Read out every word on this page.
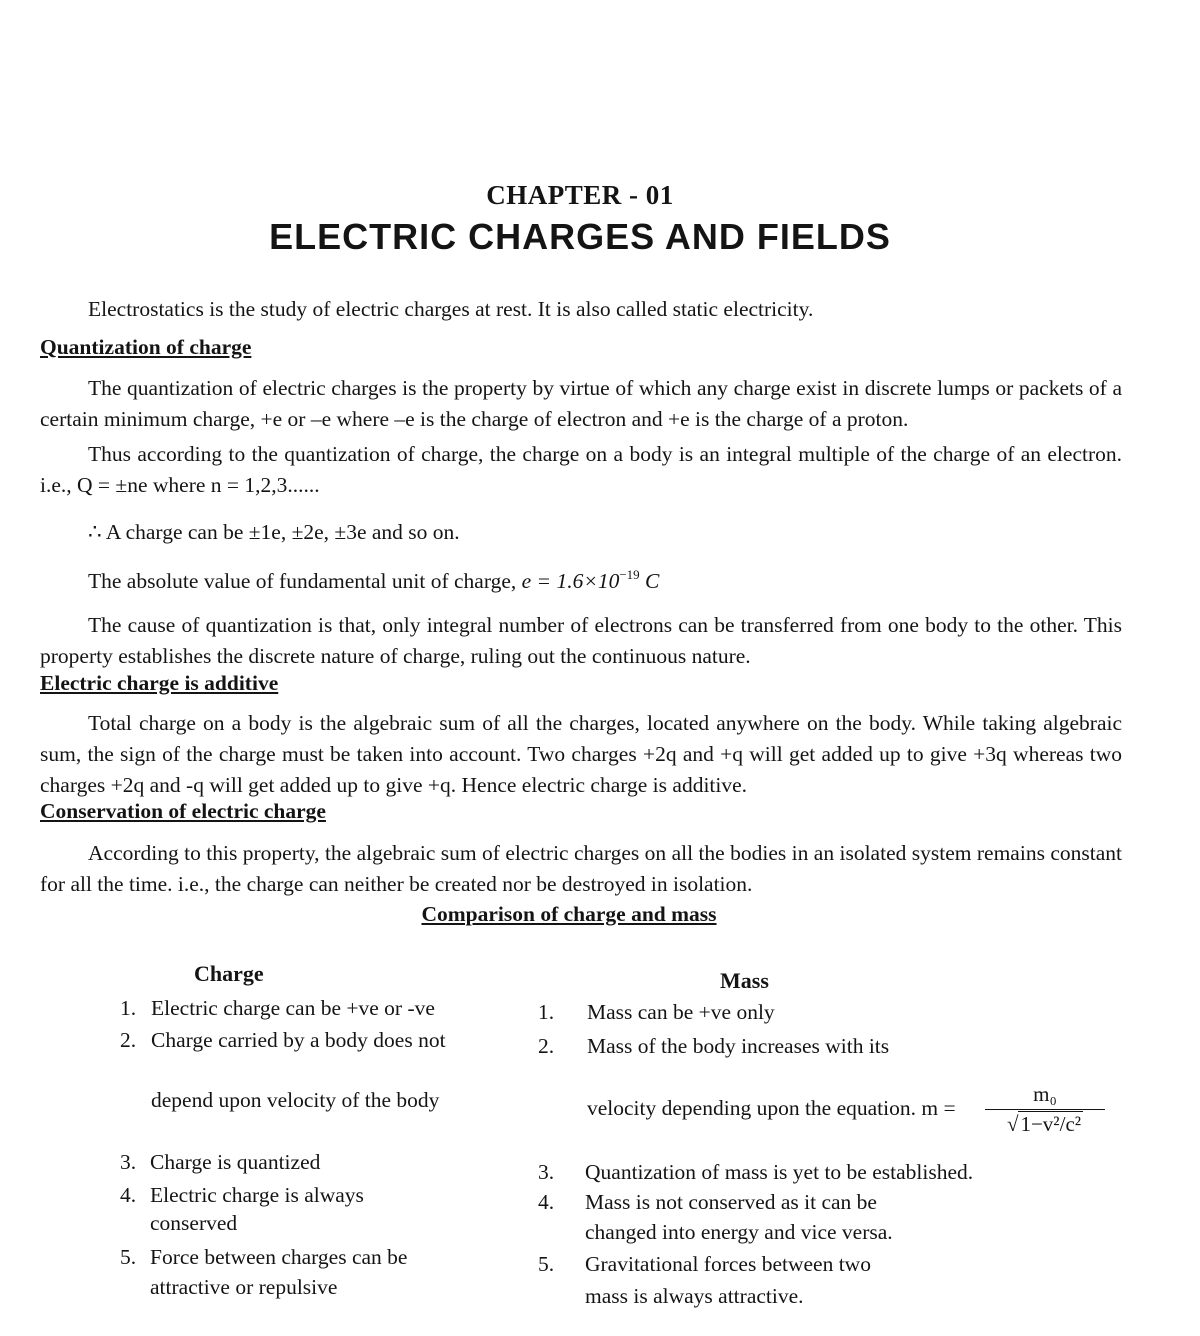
CHAPTER - 01
ELECTRIC CHARGES AND FIELDS

Electrostatics is the study of electric charges at rest. It is also called static electricity.

Quantization of charge

The quantization of electric charges is the property by virtue of which any charge exist in discrete lumps or packets of a certain minimum charge, +e or –e where –e is the charge of electron and +e is the charge of a proton.

Thus according to the quantization of charge, the charge on a body is an integral multiple of the charge of an electron. i.e., Q = ±ne where n = 1,2,3......

∴ A charge can be ±1e, ±2e, ±3e and so on.

The absolute value of fundamental unit of charge, $e = 1.6\times 10^{-19}$ C

The cause of quantization is that, only integral number of electrons can be transferred from one body to the other. This property establishes the discrete nature of charge, ruling out the continuous nature.

Electric charge is additive

Total charge on a body is the algebraic sum of all the charges, located anywhere on the body. While taking algebraic sum, the sign of the charge must be taken into account. Two charges +2q and +q will get added up to give +3q whereas two charges +2q and -q will get added up to give +q. Hence electric charge is additive.

Conservation of electric charge

According to this property, the algebraic sum of electric charges on all the bodies in an isolated system remains constant for all the time. i.e., the charge can neither be created nor be destroyed in isolation.

Comparison of charge and mass
Charge	Mass
1. Electric charge can be +ve or -ve
2. Charge carried by a body does not
depend upon velocity of the body
3. Charge is quantized
4. Electric charge is always
conserved
5. Force between charges can be
attractive or repulsive
1. Mass can be +ve only
2. Mass of the body increases with its
velocity depending upon the equation. $m = \frac{\text{m₀}}{\text{√1−v²/c²}}$
3. Quantization of mass is yet to be established.
4. Mass is not conserved as it can be
changed into energy and vice versa.
5. Gravitational forces between two
mass is always attractive.
